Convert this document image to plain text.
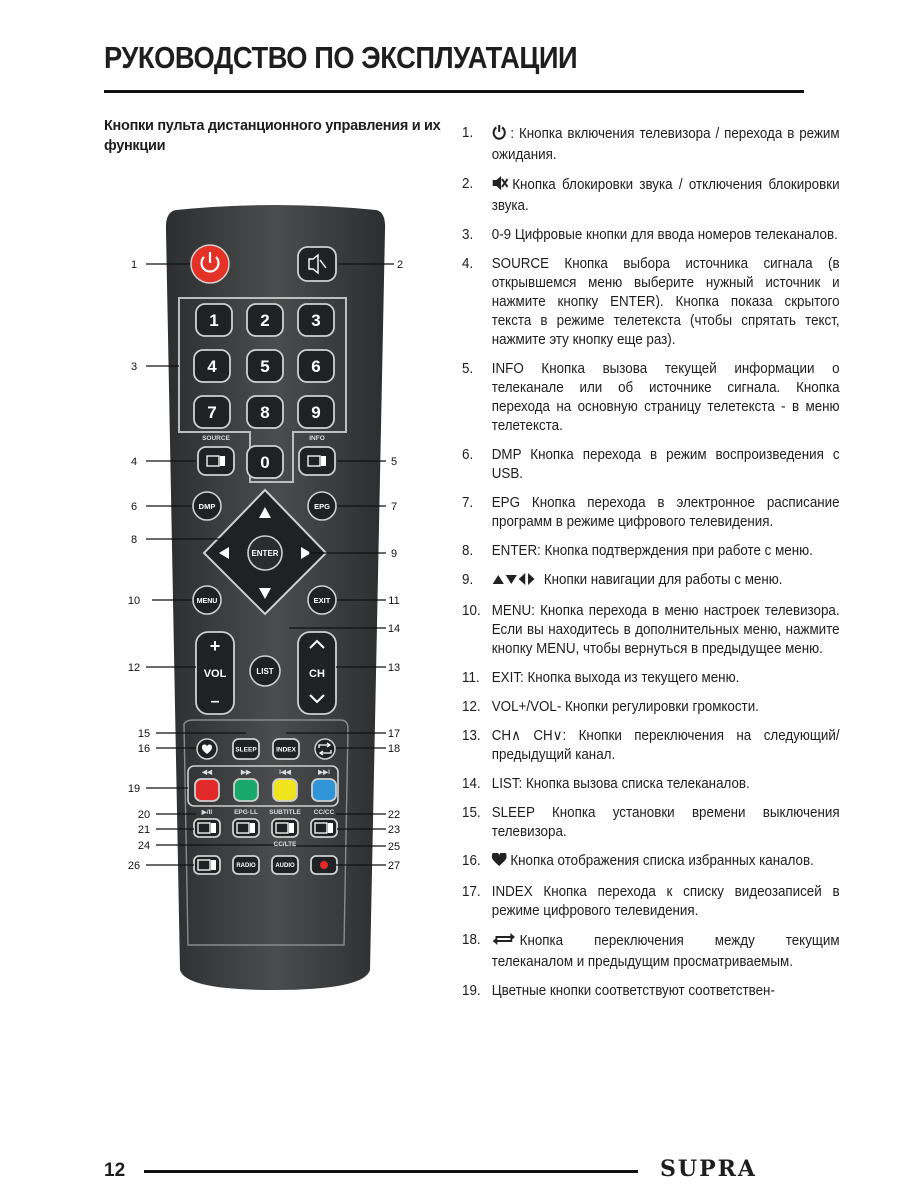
РУКОВОДСТВО ПО ЭКСПЛУАТАЦИИ
Кнопки пульта дистанционного управления и их функции
1 2 3
4	5 6
7	8 9
0
SOURCE	INFO
DMP	EPG
ENTER
MENU	EXIT
+
VOL
–
CH
LIST
SLEEP	INDEX
◀◀	▶▶	I◀◀	▶▶I
▶/II	EPG·LL SUBTITLE CC/CC
CC/LTE
RADIO	AUDIO
1	2
3
4	5
6	7
8
9
10	11
12	13
14
15
16
17
18
19
20
21
22
23
24	25
26	27
1.	: Кнопка включения телевизора / перехода в режим ожидания.
2.	Кнопка блокировки звука / отключения блокировки звука.
3. 0-9 Цифровые кнопки для ввода номеров телеканалов.
4. SOURCE Кнопка выбора источника сигнала (в открывшемся меню выберите нужный источник и нажмите кнопку ENTER). Кнопка показа скрытого текста в режиме телетекста (чтобы спрятать текст, нажмите эту кнопку еще раз).
5. INFO Кнопка вызова текущей информации о телеканале или об источнике сигнала. Кнопка перехода на основную страницу телетекста - в меню телетекста.
6. DMP Кнопка перехода в режим воспроизведения с USB.
7. EPG Кнопка перехода в электронное расписание программ в режиме цифрового телевидения.
8. ENTER: Кнопка подтверждения при работе с меню.
9.	Кнопки навигации для работы с меню.
10. MENU: Кнопка перехода в меню настроек телевизора. Если вы находитесь в дополнительных меню, нажмите кнопку MENU, чтобы вернуться в предыдущее меню.
11. EXIT: Кнопка выхода из текущего меню.
12. VOL+/VOL- Кнопки регулировки громкости.
13. CH∧ CH∨: Кнопки переключения на следующий/предыдущий канал.
14. LIST: Кнопка вызова списка телеканалов.
15. SLEEP Кнопка установки времени выключения телевизора.
16. Кнопка отображения списка избранных каналов.
17. INDEX Кнопка перехода к списку видеозаписей в режиме цифрового телевидения.
18.	Кнопка переключения между текущим телеканалом и предыдущим просматриваемым.
19. Цветные кнопки соответствуют соответствен-
12	SUPRA
